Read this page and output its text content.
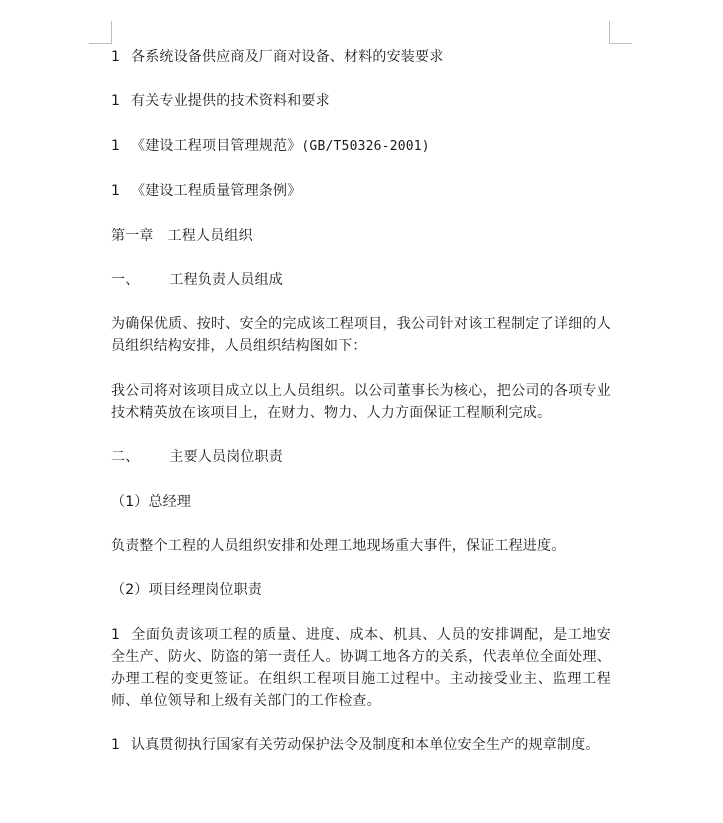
1 各系统设备供应商及厂商对设备、材料的安装要求

1 有关专业提供的技术资料和要求

1 《建设工程项目管理规范》(GB/T50326-2001)

1 《建设工程质量管理条例》

第一章 工程人员组织

一、 工程负责人员组成

为确保优质、按时、安全的完成该工程项目，我公司针对该工程制定了详细的人员组织结构安排，人员组织结构图如下：

我公司将对该项目成立以上人员组织。以公司董事长为核心，把公司的各项专业技术精英放在该项目上，在财力、物力、人力方面保证工程顺利完成。

二、 主要人员岗位职责

（1）总经理

负责整个工程的人员组织安排和处理工地现场重大事件，保证工程进度。

（2）项目经理岗位职责

1 全面负责该项工程的质量、进度、成本、机具、人员的安排调配，是工地安全生产、防火、防盗的第一责任人。协调工地各方的关系，代表单位全面处理、办理工程的变更签证。在组织工程项目施工过程中。主动接受业主、监理工程师、单位领导和上级有关部门的工作检查。

1 认真贯彻执行国家有关劳动保护法令及制度和本单位安全生产的规章制度。
